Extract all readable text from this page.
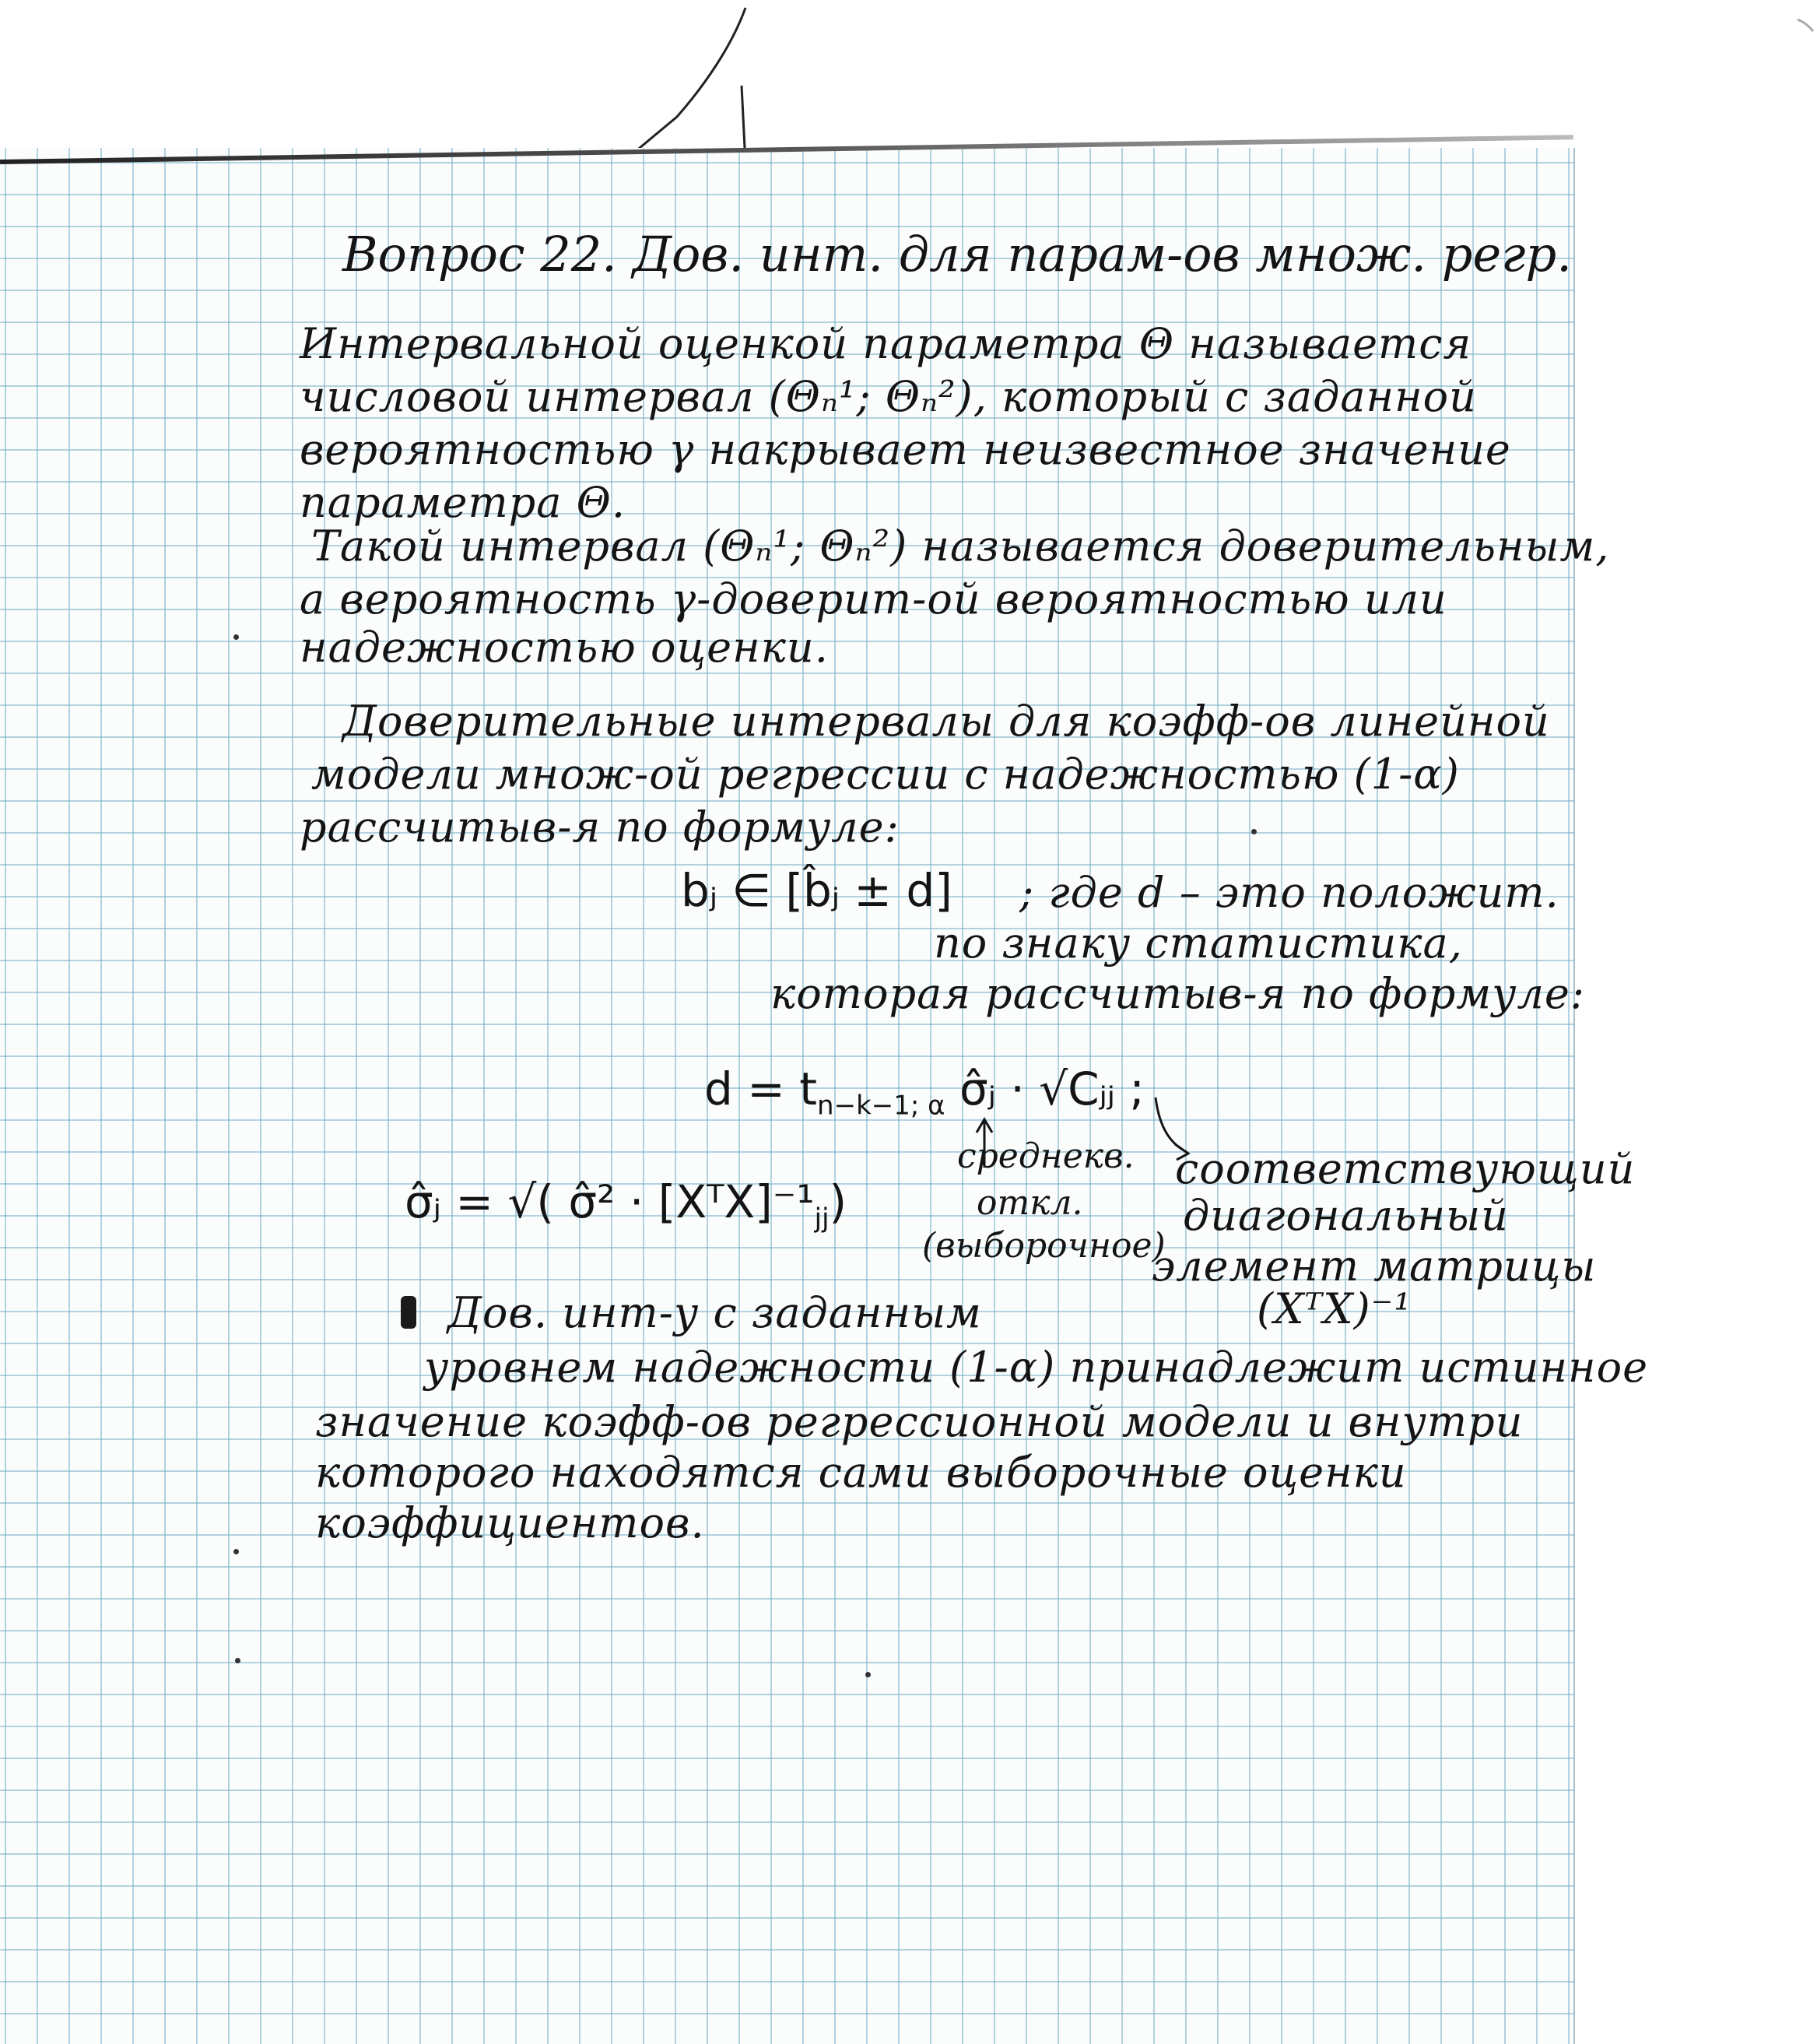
Вопрос 22. Дов. инт. для парам-ов множ. регр.

Интервальной оценкой параметра Θ называется

числовой интервал (Θₙ¹; Θₙ²), который с заданной

вероятностью γ накрывает неизвестное значение

параметра Θ.

Такой интервал (Θₙ¹; Θₙ²) называется доверительным,

а вероятность γ-доверит-ой вероятностью или

надежностью оценки.

Доверительные интервалы для коэфф-ов линейной

модели множ-ой регрессии с надежностью (1-α)

рассчитыв-я по формуле:

bⱼ ∈ [b̂ⱼ ± d] ; где d – это положит.

по знаку статистика,

которая рассчитыв-я по формуле:

$d = t_{n-k-1; \alpha}$ σ̂ⱼ · √Cⱼⱼ ;

среднекв.

откл.

(выборочное)

соответствующий

диагональный

элемент матрицы

(XᵀX)⁻¹

σ̂ⱼ = √( σ̂² · $[XᵀX]^{-1}_{jj}$)

Дов. инт-у с заданным

уровнем надежности (1-α) принадлежит истинное

значение коэфф-ов регрессионной модели и внутри

которого находятся сами выборочные оценки

коэффициентов.
